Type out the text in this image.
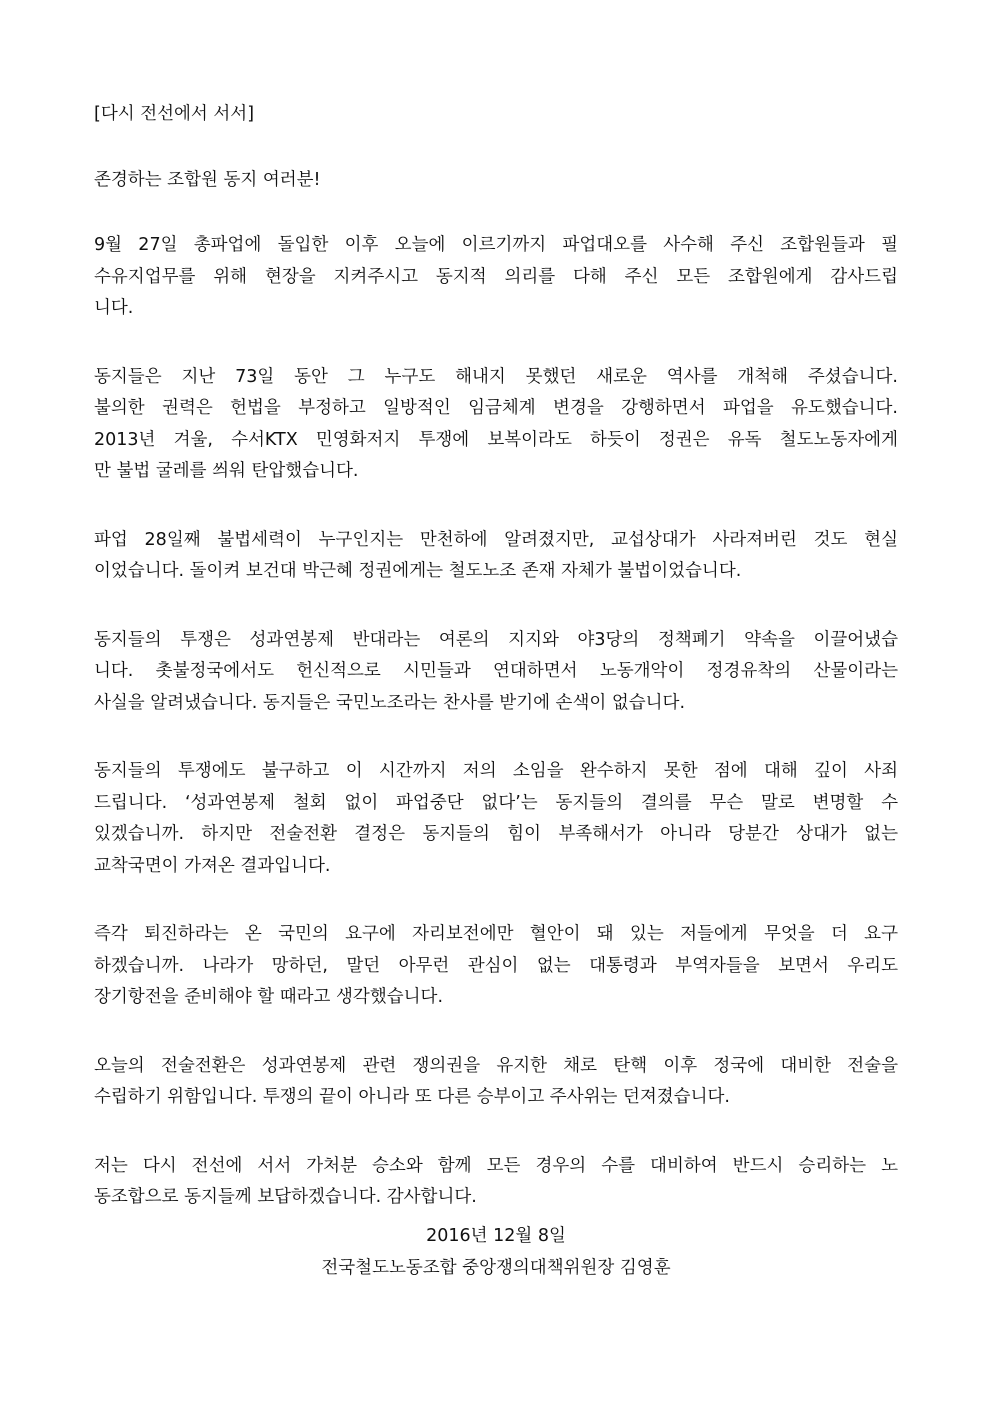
[다시 전선에서 서서]

존경하는 조합원 동지 여러분!

9월 27일 총파업에 돌입한 이후 오늘에 이르기까지 파업대오를 사수해 주신 조합원들과 필
수유지업무를 위해 현장을 지켜주시고 동지적 의리를 다해 주신 모든 조합원에게 감사드립
니다.
동지들은 지난 73일 동안 그 누구도 해내지 못했던 새로운 역사를 개척해 주셨습니다.
불의한 권력은 헌법을 부정하고 일방적인 임금체계 변경을 강행하면서 파업을 유도했습니다.
2013년 겨울, 수서KTX 민영화저지 투쟁에 보복이라도 하듯이 정권은 유독 철도노동자에게
만 불법 굴레를 씌워 탄압했습니다.
파업 28일째 불법세력이 누구인지는 만천하에 알려졌지만, 교섭상대가 사라져버린 것도 현실
이었습니다. 돌이켜 보건대 박근혜 정권에게는 철도노조 존재 자체가 불법이었습니다.
동지들의 투쟁은 성과연봉제 반대라는 여론의 지지와 야3당의 정책폐기 약속을 이끌어냈습
니다. 촛불정국에서도 헌신적으로 시민들과 연대하면서 노동개악이 정경유착의 산물이라는
사실을 알려냈습니다. 동지들은 국민노조라는 찬사를 받기에 손색이 없습니다.
동지들의 투쟁에도 불구하고 이 시간까지 저의 소임을 완수하지 못한 점에 대해 깊이 사죄
드립니다. ‘성과연봉제 철회 없이 파업중단 없다’는 동지들의 결의를 무슨 말로 변명할 수
있겠습니까. 하지만 전술전환 결정은 동지들의 힘이 부족해서가 아니라 당분간 상대가 없는
교착국면이 가져온 결과입니다.
즉각 퇴진하라는 온 국민의 요구에 자리보전에만 혈안이 돼 있는 저들에게 무엇을 더 요구
하겠습니까. 나라가 망하던, 말던 아무런 관심이 없는 대통령과 부역자들을 보면서 우리도
장기항전을 준비해야 할 때라고 생각했습니다.
오늘의 전술전환은 성과연봉제 관련 쟁의권을 유지한 채로 탄핵 이후 정국에 대비한 전술을
수립하기 위함입니다. 투쟁의 끝이 아니라 또 다른 승부이고 주사위는 던져졌습니다.
저는 다시 전선에 서서 가처분 승소와 함께 모든 경우의 수를 대비하여 반드시 승리하는 노
동조합으로 동지들께 보답하겠습니다. 감사합니다.
2016년 12월 8일
전국철도노동조합 중앙쟁의대책위원장 김영훈
